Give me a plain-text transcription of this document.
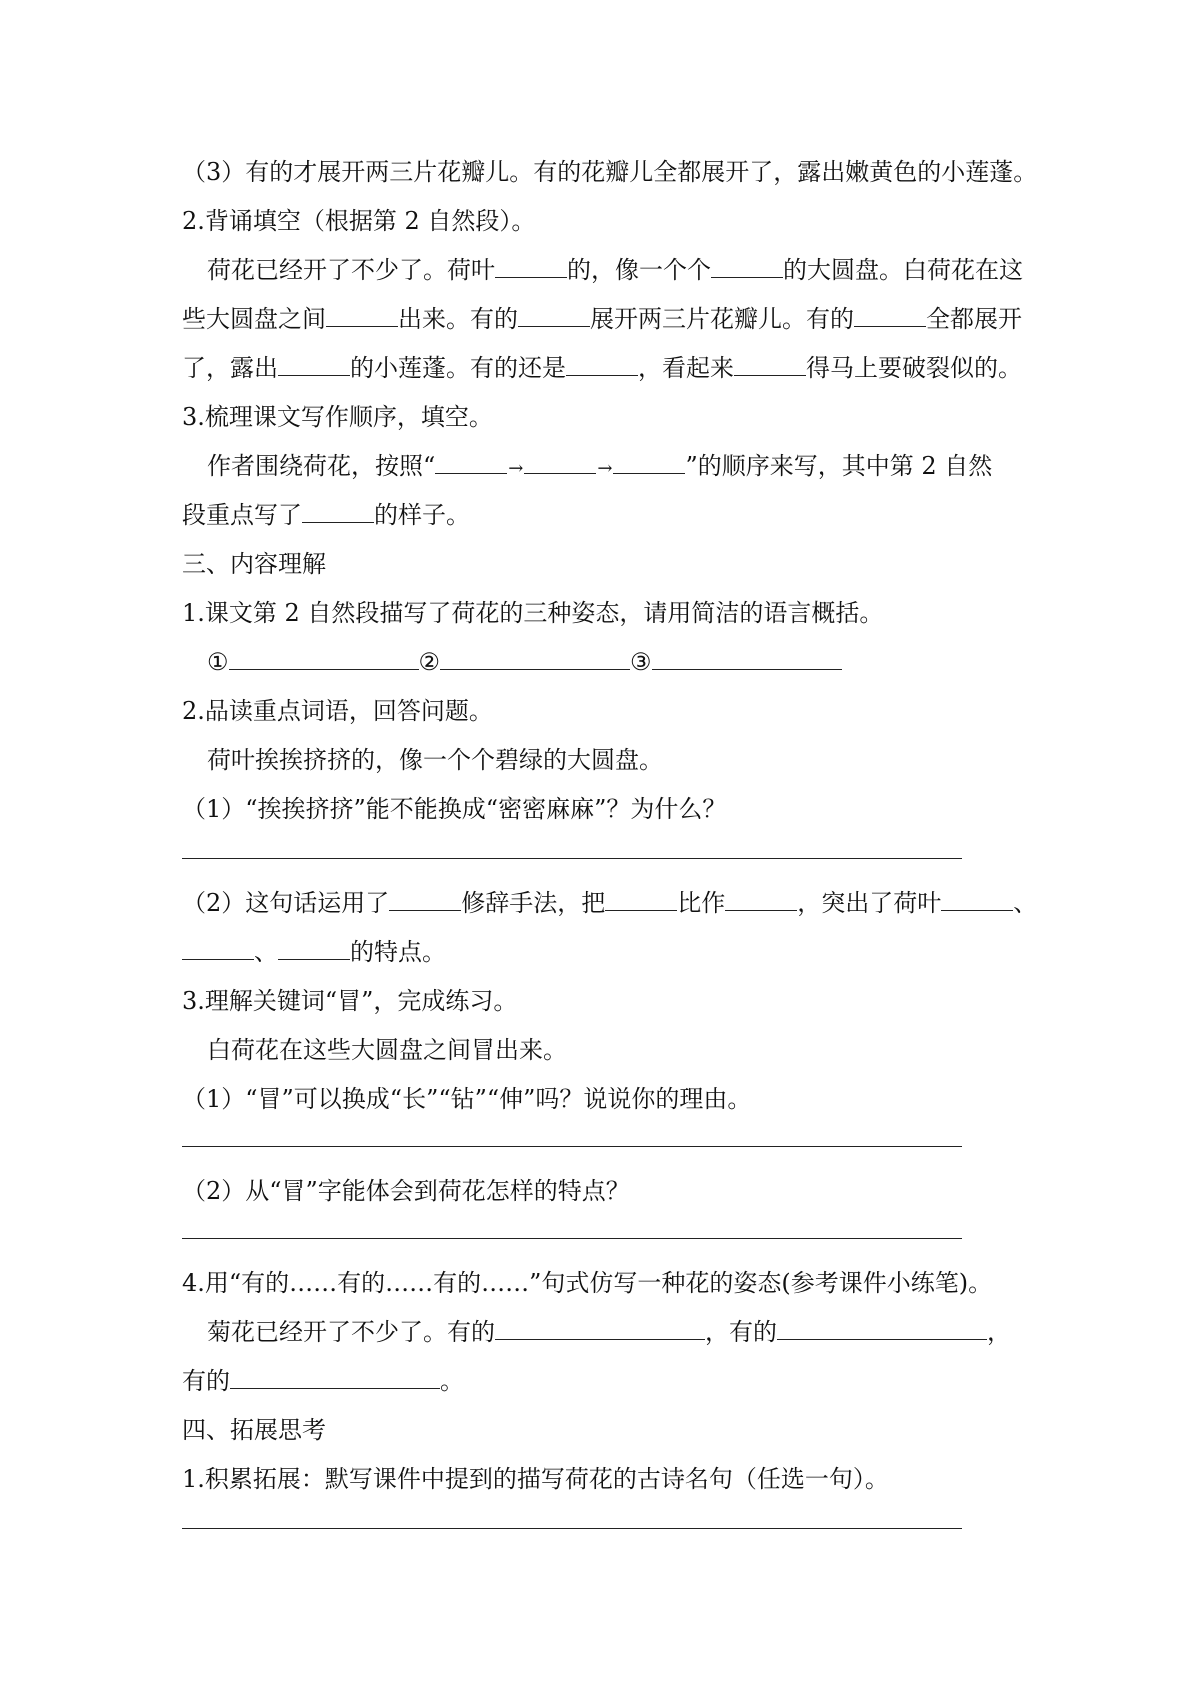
（3）有的才展开两三片花瓣儿。有的花瓣儿全都展开了，露出嫩黄色的小莲蓬。
2.背诵填空（根据第 2 自然段）。
荷花已经开了不少了。荷叶	的，像一个个	的大圆盘。白荷花在这
些大圆盘之间	出来。有的	展开两三片花瓣儿。有的	全都展开
了，露出	的小莲蓬。有的还是	，看起来	得马上要破裂似的。
3.梳理课文写作顺序，填空。
作者围绕荷花，按照“	→	→	”的顺序来写，其中第 2 自然
段重点写了	的样子。
三、内容理解
1.课文第 2 自然段描写了荷花的三种姿态，请用简洁的语言概括。
①	②	③
2.品读重点词语，回答问题。
荷叶挨挨挤挤的，像一个个碧绿的大圆盘。
（1）“挨挨挤挤”能不能换成“密密麻麻”？为什么？
（2）这句话运用了	修辞手法，把	比作	，突出了荷叶	、
、	的特点。
3.理解关键词“冒”，完成练习。
白荷花在这些大圆盘之间冒出来。
（1）“冒”可以换成“长”“钻”“伸”吗？说说你的理由。
（2）从“冒”字能体会到荷花怎样的特点？
4.用“有的……有的……有的……”句式仿写一种花的姿态(参考课件小练笔)。
菊花已经开了不少了。有的	，有的	，
有的	。
四、拓展思考
1.积累拓展：默写课件中提到的描写荷花的古诗名句（任选一句）。
